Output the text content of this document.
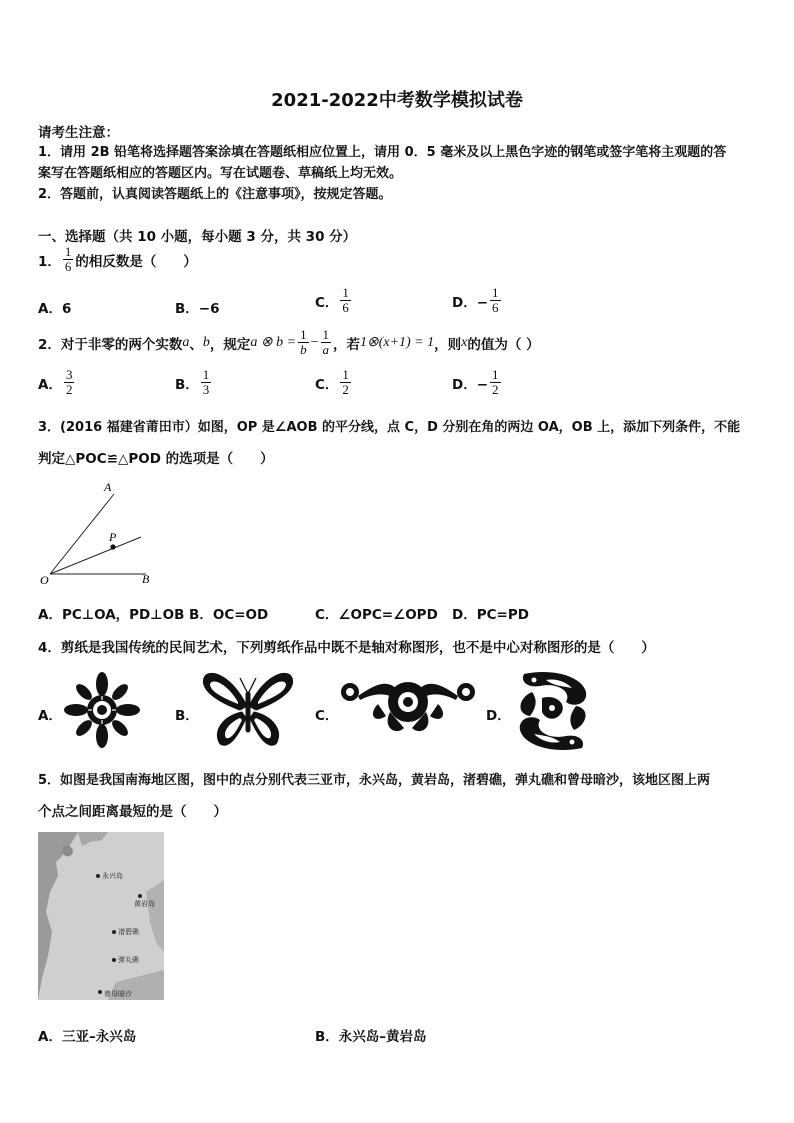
2021-2022中考数学模拟试卷
请考生注意：
1．请用 2B 铅笔将选择题答案涂填在答题纸相应位置上，请用 0．5 毫米及以上黑色字迹的钢笔或签字笔将主观题的答
案写在答题纸相应的答题区内。写在试题卷、草稿纸上均无效。
2．答题前，认真阅读答题纸上的《注意事项》，按规定答题。
一、选择题（共 10 小题，每小题 3 分，共 30 分）
1． $\frac{1}{6}$ 的相反数是（　　）
A．6	B．−6	C． $\frac{1}{6}$	D．− $\frac{1}{6}$
2．对于非零的两个实数 a 、 b ，规定 a ⊗ $b = \frac{1}{b} - \frac{1}{a}$ ，若 1⊗(x+1) = 1 ，则 x 的值为（ ）
A． $\frac{3}{2}$	B． $\frac{1}{3}$	C． $\frac{1}{2}$	D．− $\frac{1}{2}$
3．(2016 福建省莆田市）如图，OP 是∠AOB 的平分线，点 C，D 分别在角的两边 OA，OB 上，添加下列条件，不能
判定△POC≌△POD 的选项是（　　）
A
P
O	B
A．PC⊥OA，PD⊥OB B．OC=OD	C．∠OPC=∠OPD D．PC=PD
4．剪纸是我国传统的民间艺术，下列剪纸作品中既不是轴对称图形，也不是中心对称图形的是（　　）
A．	B．	C．	D．
5．如图是我国南海地区图，图中的点分别代表三亚市，永兴岛，黄岩岛，渚碧礁，弹丸礁和曾母暗沙，该地区图上两
个点之间距离最短的是（　　）
永兴岛
黄岩岛
渚碧礁
弹丸礁
曾母暗沙
A．三亚–永兴岛	B．永兴岛–黄岩岛
